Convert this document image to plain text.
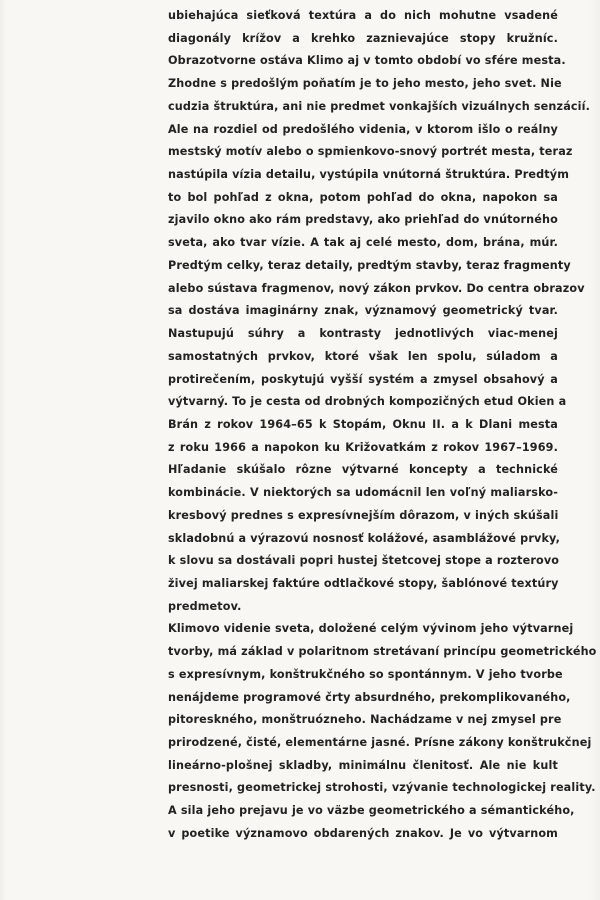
ubiehajúca sieťková textúra a do nich mohutne vsadené
diagonály krížov a krehko zaznievajúce stopy kružníc.
Obrazotvorne ostáva Klimo aj v tomto období vo sfére mesta.
Zhodne s predošlým poňatím je to jeho mesto, jeho svet. Nie
cudzia štruktúra, ani nie predmet vonkajších vizuálnych senzácií.
Ale na rozdiel od predošlého videnia, v ktorom išlo o reálny
mestský motív alebo o spmienkovo-snový portrét mesta, teraz
nastúpila vízia detailu, vystúpila vnútorná štruktúra. Predtým
to bol pohľad z okna, potom pohľad do okna, napokon sa
zjavilo okno ako rám predstavy, ako priehľad do vnútorného
sveta, ako tvar vízie. A tak aj celé mesto, dom, brána, múr.
Predtým celky, teraz detaily, predtým stavby, teraz fragmenty
alebo sústava fragmenov, nový zákon prvkov. Do centra obrazov
sa dostáva imaginárny znak, významový geometrický tvar.
Nastupujú súhry a kontrasty jednotlivých viac-menej
samostatných prvkov, ktoré však len spolu, súladom a
protirečením, poskytujú vyšší systém a zmysel obsahový a
výtvarný. To je cesta od drobných kompozičných etud Okien a
Brán z rokov 1964–65 k Stopám, Oknu II. a k Dlani mesta
z roku 1966 a napokon ku Križovatkám z rokov 1967–1969.
Hľadanie skúšalo rôzne výtvarné koncepty a technické
kombinácie. V niektorých sa udomácnil len voľný maliarsko-
kresbový prednes s expresívnejším dôrazom, v iných skúšali
skladobnú a výrazovú nosnosť kolážové, asamblážové prvky,
k slovu sa dostávali popri hustej štetcovej stope a rozterovo
živej maliarskej faktúre odtlačkové stopy, šablónové textúry
predmetov.
Klimovo videnie sveta, doložené celým vývinom jeho výtvarnej
tvorby, má základ v polaritnom stretávaní princípu geometrického
s expresívnym, konštrukčného so spontánnym. V jeho tvorbe
nenájdeme programové črty absurdného, prekomplikovaného,
pitoreskného, monštruózneho. Nachádzame v nej zmysel pre
prirodzené, čisté, elementárne jasné. Prísne zákony konštrukčnej
lineárno-plošnej skladby, minimálnu členitosť. Ale nie kult
presnosti, geometrickej strohosti, vzývanie technologickej reality.
A sila jeho prejavu je vo väzbe geometrického a sémantického,
v poetike významovo obdarených znakov. Je vo výtvarnom
